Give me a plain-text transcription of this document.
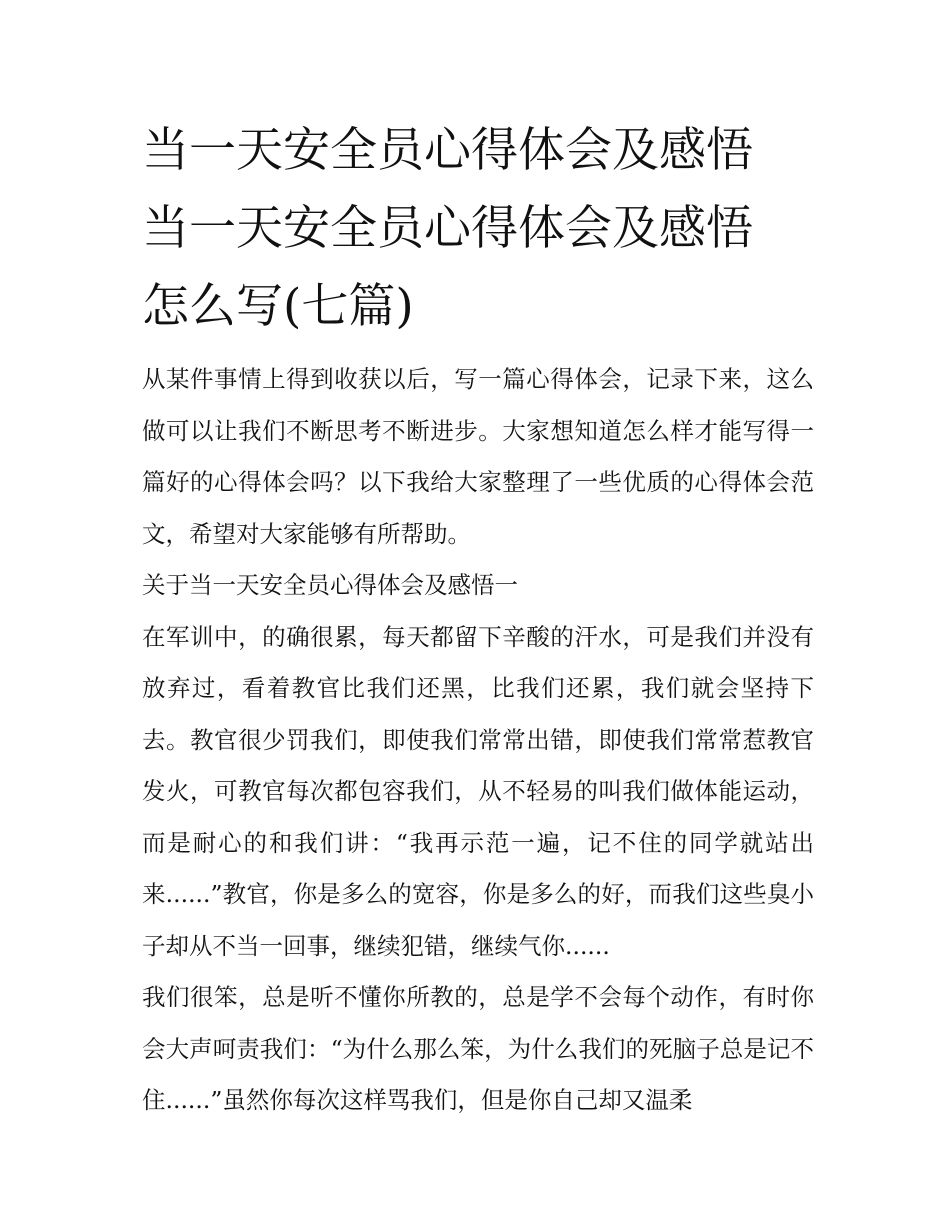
当一天安全员心得体会及感悟
当一天安全员心得体会及感悟
怎么写(七篇)

从某件事情上得到收获以后，写一篇心得体会，记录下来，这么做可以让我们不断思考不断进步。大家想知道怎么样才能写得一篇好的心得体会吗？以下我给大家整理了一些优质的心得体会范文，希望对大家能够有所帮助。

关于当一天安全员心得体会及感悟一

在军训中，的确很累，每天都留下辛酸的汗水，可是我们并没有放弃过，看着教官比我们还黑，比我们还累，我们就会坚持下去。教官很少罚我们，即使我们常常出错，即使我们常常惹教官发火，可教官每次都包容我们，从不轻易的叫我们做体能运动，而是耐心的和我们讲：“我再示范一遍，记不住的同学就站出来......”教官，你是多么的宽容，你是多么的好，而我们这些臭小子却从不当一回事，继续犯错，继续气你......

我们很笨，总是听不懂你所教的，总是学不会每个动作，有时你会大声呵责我们：“为什么那么笨，为什么我们的死脑子总是记不住......”虽然你每次这样骂我们，但是你自己却又温柔
